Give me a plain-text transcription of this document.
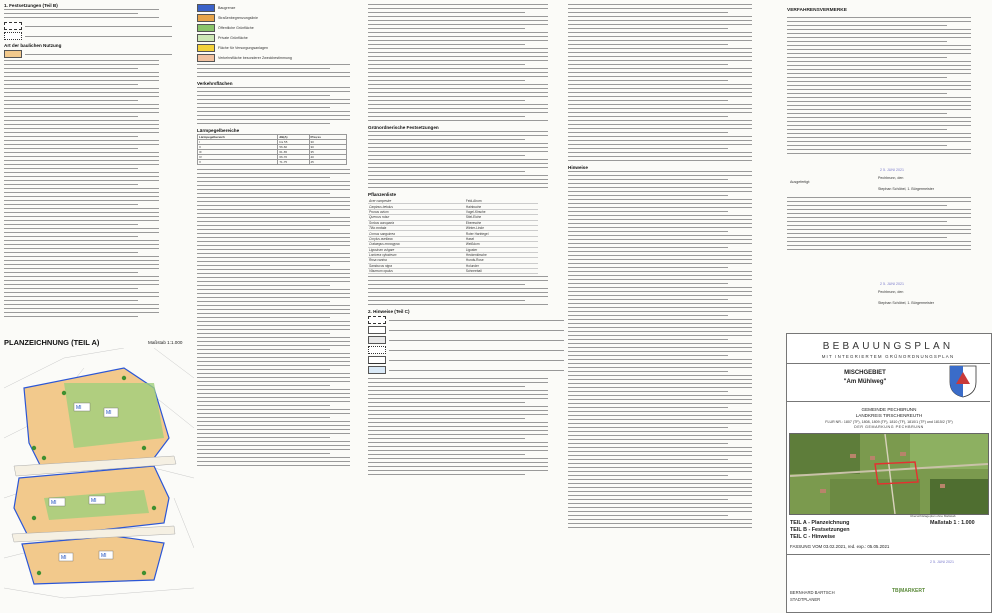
1. Festsetzungen (Teil B)
Art der baulichen Nutzung
PLANZEICHNUNG (TEIL A)	Maßstab 1:1.000
MI
MI
MI	MI
MI	MI
Baugrenze
Straßenbegrenzungslinie
Öffentliche Grünfläche
Private Grünfläche
Fläche für Versorgungsanlagen
Verkehrsfläche besonderer Zweckbestimmung
Verkehrsflächen
Lärmpegelbereiche
Lärmpegelbereich	dB(A)	R'w,res
I	bis 55	30
II	56-60	30
III	61-65	35
IV	66-70	40
V	71-75	45
Grünordnerische Festsetzungen
Pflanzenliste
Acer campestre	Feld-Ahorn
Carpinus betulus	Hainbuche
Prunus avium	Vogel-Kirsche
Quercus robur	Stiel-Eiche
Sorbus aucuparia	Eberesche
Tilia cordata	Winter-Linde
Cornus sanguinea	Roter Hartriegel
Corylus avellana	Hasel
Crataegus monogyna	Weißdorn
Ligustrum vulgare	Liguster
Lonicera xylosteum	Heckenkirsche
Rosa canina	Hunds-Rose
Sambucus nigra	Holunder
Viburnum opulus	Schneeball
2. Hinweise (Teil C)
Hinweise
VERFAHRENSVERMERKE
2 5. JUNI 2021
Ausgefertigt:
Pechbrunn, den
Stephan Schöbel, 1. Bürgermeister
2 5. JUNI 2021
Pechbrunn, den
Stephan Schöbel, 1. Bürgermeister
BEBAUUNGSPLAN
MIT INTEGRIERTEM GRÜNORDNUNGSPLAN
MISCHGEBIET
"Am Mühlweg"
GEMEINDE PECHBRUNN
LANDKREIS TIRSCHENREUTH
FLUR NR.: 1807 (TF), 1808, 1809 (TF), 1810 (TF), 1810/1 (TF) und 1815/2 (TF)
DER GEMARKUNG PECHBRUNN
Übersichtslageplan ohne Maßstab
TEIL A - Planzeichnung
TEIL B - Festsetzungen
TEIL C - Hinweise
Maßstab 1 : 1.000
FASSUNG VOM 03.02.2021, red. exp.: 05.05.2021
2 5. JUNI 2021
BERNHARD BARTSCH
STADTPLANER
TB|MARKERT
